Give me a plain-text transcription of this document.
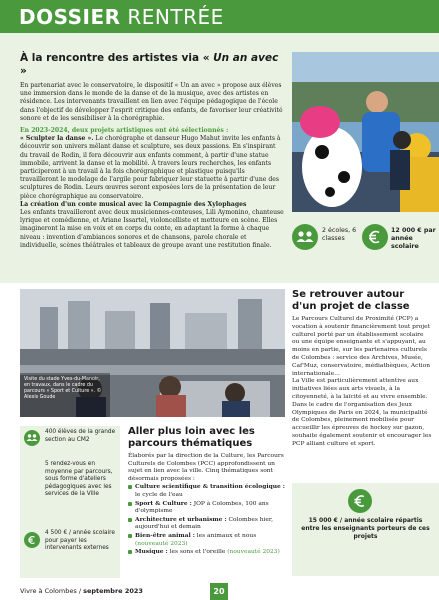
DOSSIER RENTRÉE
À la rencontre des artistes via « Un an avec »

En partenariat avec le conservatoire, le dispositif « Un an avec » propose aux élèves une immersion dans le monde de la danse et de la musique, avec des artistes en résidence. Les intervenants travaillent en lien avec l'équipe pédagogique de l'école dans l'objectif de développer l'esprit critique des enfants, de favoriser leur créativité sonore et de les sensibiliser à la chorégraphie.

En 2023-2024, deux projets artistiques ont été sélectionnés :

« Sculpter la danse ». Le chorégraphe et danseur Hugo Mahut invite les enfants à découvrir son univers mêlant danse et sculpture, ses deux passions. En s'inspirant du travail de Rodin, il fera découvrir aux enfants comment, à partir d'une statue immobile, arrivent la danse et la mobilité. À travers leurs recherches, les enfants participeront à un travail à la fois chorégraphique et plastique puisqu'ils travailleront le modelage de l'argile pour fabriquer leur statuette à partir d'une des sculptures de Rodin. Leurs œuvres seront exposées lors de la présentation de leur pièce chorégraphique au conservatoire.

La création d'un conte musical avec la Compagnie des Xylophages

Les enfants travailleront avec deux musiciennes-conteuses, Lili Aymonino, chanteuse lyrique et comédienne, et Ariane Issartel, violoncelliste et metteure en scène. Elles imagineront la mise en voix et en corps du conte, en adaptant la forme à chaque niveau : invention d'ambiances sonores et de chansons, parole chorale et individuelle, scènes théâtrales et tableaux de groupe avant une restitution finale.

2 écoles, 6 classes
12 000 € par année scolaire
Visite du stade Yves-du-Manoir, en travaux, dans le cadre du parcours « Sport et Culture ». © Alexis Goude
400 élèves de la grande section au CM2
5 rendez-vous en moyenne par parcours, sous forme d'ateliers pédagogiques avec les services de la Ville
4 500 € / année scolaire pour payer les intervenants externes
Aller plus loin avec les parcours thématiques

Élaborés par la direction de la Culture, les Parcours Culturels de Colombes (PCC) approfondissent un sujet en lien avec la ville. Cinq thématiques sont désormais proposées :

Culture scientifique & transition écologique : le cycle de l'eau
Sport & Culture : JOP à Colombes, 100 ans d'olympisme
Architecture et urbanisme : Colombes hier, aujourd'hui et demain
Bien-être animal : les animaux et nous (nouveauté 2023)
Musique : les sons et l'oreille (nouveauté 2023)
Se retrouver autour d'un projet de classe

Le Parcours Culturel de Proximité (PCP) a vocation à soutenir financièrement tout projet culturel porté par un établissement scolaire ou une équipe enseignante et s'appuyant, au moins en partie, sur les partenaires culturels de Colombes : service des Archives, Musée, Caf'Muz, conservatoire, médiathèques, Action internationale…

La Ville est particulièrement attentive aux initiatives liées aux arts visuels, à la citoyenneté, à la laïcité et au vivre ensemble. Dans le cadre de l'organisation des Jeux Olympiques de Paris en 2024, la municipalité de Colombes, pleinement mobilisée pour accueillir les épreuves de hockey sur gazon, souhaite également soutenir et encourager les PCP alliant culture et sport.

15 000 € / année scolaire répartis entre les enseignants porteurs de ces projets
Vivre à Colombes / septembre 2023	20
